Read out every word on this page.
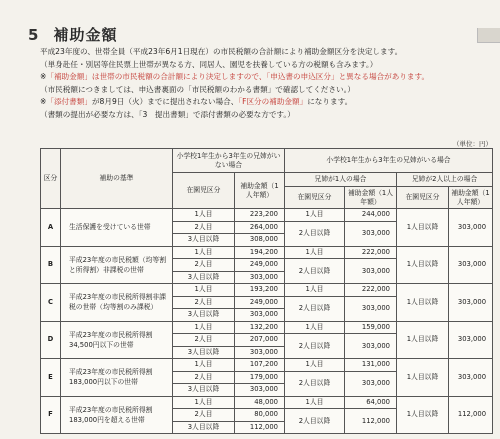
5 補助金額
平成23年度の、世帯全員（平成23年6月1日現在）の市民税額の合計額により補助金額区分を決定します。
（単身赴任・別居等住民票上世帯が異なる方、同居人、園児を扶養している方の税額も含みます。）
※「補助金額」は世帯の市民税額の合計額により決定しますので、「申込書の申込区分」と異なる場合があります。
（市民税額につきましては、申込書裏面の「市民税額のわかる書類」で確認してください。）
※「添付書類」が8月9日（火）までに提出されない場合、「F区分の補助金額」になります。
（書類の提出が必要な方は、「3　提出書類」で添付書類の必要な方です。）
（単位：円）
区分	補助の基準	小学校1年生から3年生の兄姉がいない場合		小学校1年生から3年生の兄姉がいる場合			
		在園児区分	補助金額（1人年額）	兄姉が1人の場合		兄姉が2人以上の場合	
				在園児区分	補助金額（1人年額）	在園児区分	補助金額（1人年額）
A	生活保護を受けている世帯	1人目	223,200	1人目	244,000	1人目以降	303,000
		2人目	264,000	2人目以降	303,000		
		3人目以降	308,000				
B	平成23年度の市民税額（均等割と所得割）非課税の世帯	1人目	194,200	1人目	222,000	1人目以降	303,000
		2人目	249,000	2人目以降	303,000		
		3人目以降	303,000				
C	平成23年度の市民税所得割非課税の世帯（均等割のみ課税）	1人目	193,200	1人目	222,000	1人目以降	303,000
		2人目	249,000	2人目以降	303,000		
		3人目以降	303,000				
D	平成23年度の市民税所得割34,500円以下の世帯	1人目	132,200	1人目	159,000	1人目以降	303,000
		2人目	207,000	2人目以降	303,000		
		3人目以降	303,000				
E	平成23年度の市民税所得割183,000円以下の世帯	1人目	107,200	1人目	131,000	1人目以降	303,000
		2人目	179,000	2人目以降	303,000		
		3人目以降	303,000				
F	平成23年度の市民税所得割183,000円を超える世帯	1人目	48,000	1人目	64,000	1人目以降	112,000
		2人目	80,000	2人目以降	112,000		
		3人目以降	112,000				
